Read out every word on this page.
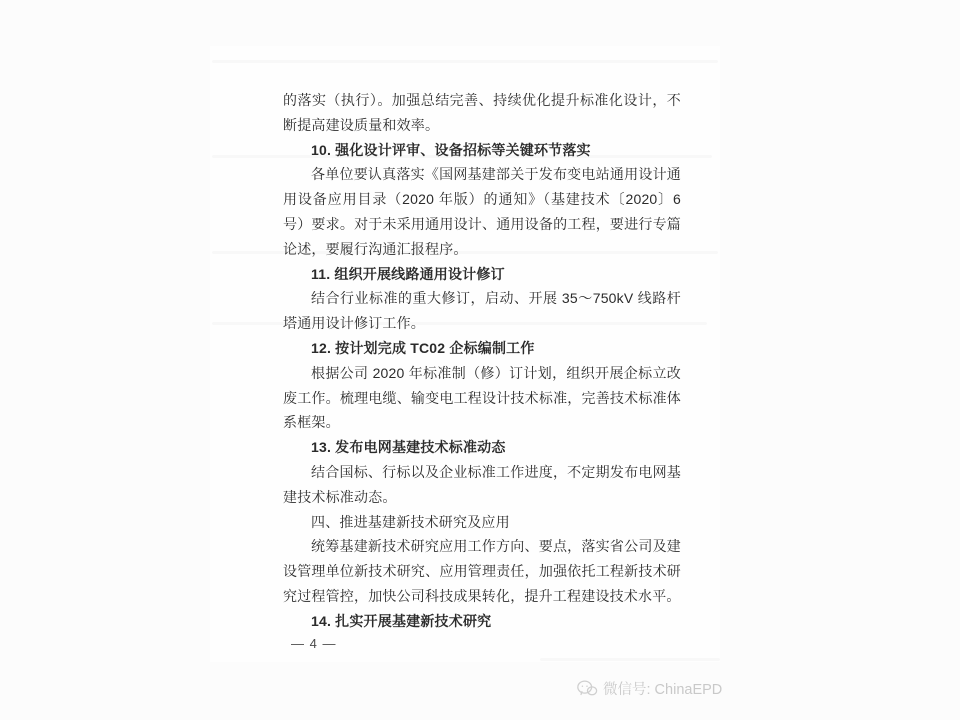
的落实（执行）。加强总结完善、持续优化提升标准化设计，不断提高建设质量和效率。

10. 强化设计评审、设备招标等关键环节落实

各单位要认真落实《国网基建部关于发布变电站通用设计通用设备应用目录（2020 年版）的通知》（基建技术〔2020〕6 号）要求。对于未采用通用设计、通用设备的工程，要进行专篇论述，要履行沟通汇报程序。

11. 组织开展线路通用设计修订

结合行业标准的重大修订，启动、开展 35～750kV 线路杆塔通用设计修订工作。

12. 按计划完成 TC02 企标编制工作

根据公司 2020 年标准制（修）订计划，组织开展企标立改废工作。梳理电缆、输变电工程设计技术标准，完善技术标准体系框架。

13. 发布电网基建技术标准动态

结合国标、行标以及企业标准工作进度，不定期发布电网基建技术标准动态。

四、推进基建新技术研究及应用

统筹基建新技术研究应用工作方向、要点，落实省公司及建设管理单位新技术研究、应用管理责任，加强依托工程新技术研究过程管控，加快公司科技成果转化，提升工程建设技术水平。

14. 扎实开展基建新技术研究

— 4 —
微信号: ChinaEPD
